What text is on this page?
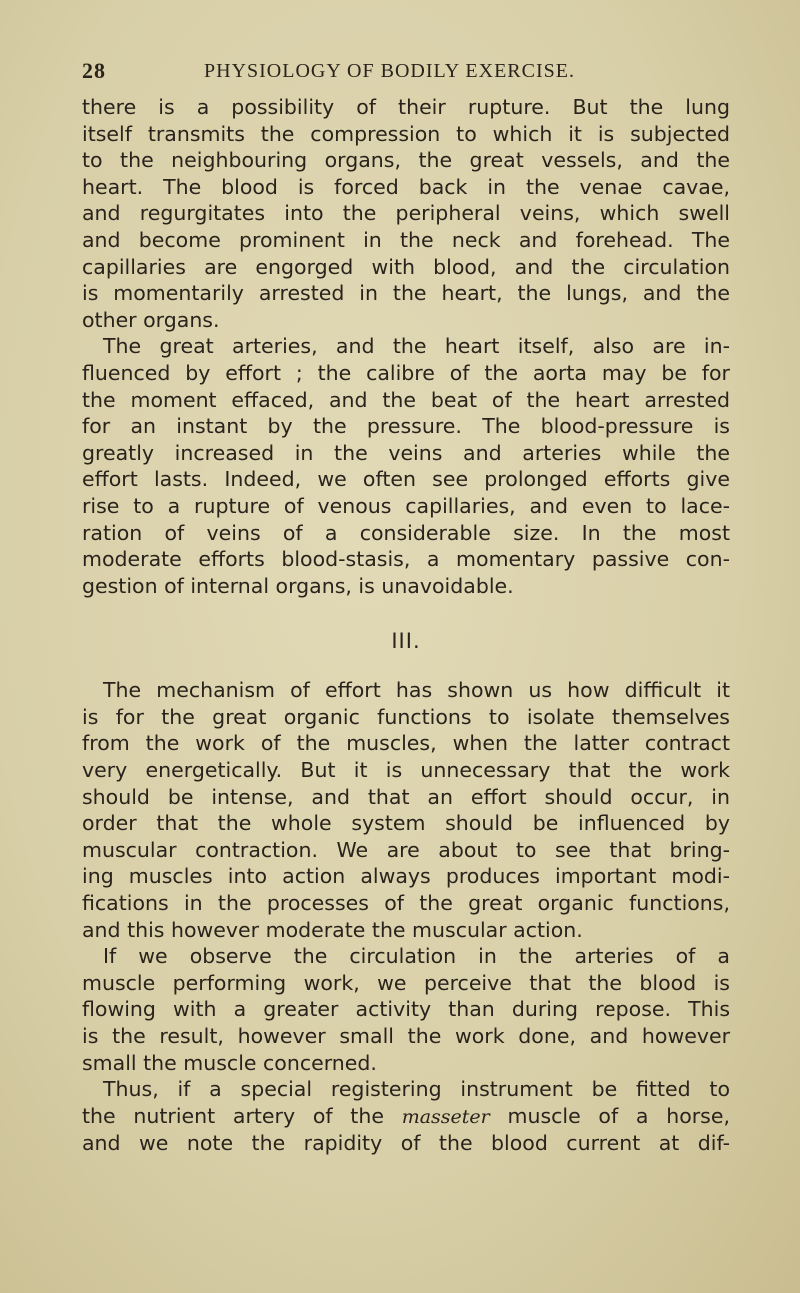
28	PHYSIOLOGY OF BODILY EXERCISE.

there is a possibility of their rupture. But the lung
itself transmits the compression to which it is subjected
to the neighbouring organs, the great vessels, and the
heart. The blood is forced back in the venae cavae,
and regurgitates into the peripheral veins, which swell
and become prominent in the neck and forehead. The
capillaries are engorged with blood, and the circulation
is momentarily arrested in the heart, the lungs, and the
other organs.

The great arteries, and the heart itself, also are in-
fluenced by effort ; the calibre of the aorta may be for
the moment effaced, and the beat of the heart arrested
for an instant by the pressure. The blood-pressure is
greatly increased in the veins and arteries while the
effort lasts. Indeed, we often see prolonged efforts give
rise to a rupture of venous capillaries, and even to lace-
ration of veins of a considerable size. In the most
moderate efforts blood-stasis, a momentary passive con-
gestion of internal organs, is unavoidable.

III.

The mechanism of effort has shown us how difficult it
is for the great organic functions to isolate themselves
from the work of the muscles, when the latter contract
very energetically. But it is unnecessary that the work
should be intense, and that an effort should occur, in
order that the whole system should be influenced by
muscular contraction. We are about to see that bring-
ing muscles into action always produces important modi-
fications in the processes of the great organic functions,
and this however moderate the muscular action.

If we observe the circulation in the arteries of a
muscle performing work, we perceive that the blood is
flowing with a greater activity than during repose. This
is the result, however small the work done, and however
small the muscle concerned.

Thus, if a special registering instrument be fitted to
the nutrient artery of the masseter muscle of a horse,
and we note the rapidity of the blood current at dif-
